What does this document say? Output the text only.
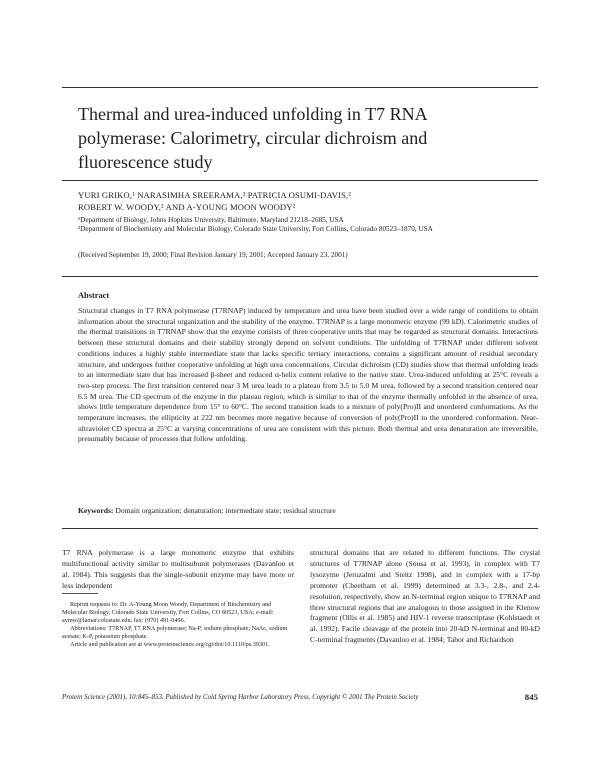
Thermal and urea-induced unfolding in T7 RNA polymerase: Calorimetry, circular dichroism and fluorescence study
YURI GRIKO,¹ NARASIMHA SREERAMA,² PATRICIA OSUMI-DAVIS,²
ROBERT W. WOODY,² AND A-YOUNG MOON WOODY²
¹Department of Biology, Johns Hopkins University, Baltimore, Maryland 21218–2685, USA
²Department of Biochemistry and Molecular Biology, Colorado State University, Fort Collins, Colorado 80523–1870, USA
(Received September 19, 2000; Final Revision January 19, 2001; Accepted January 23, 2001)
Abstract
Structural changes in T7 RNA polymerase (T7RNAP) induced by temperature and urea have been studied over a wide range of conditions to obtain information about the structural organization and the stability of the enzyme. T7RNAP is a large monomeric enzyme (99 kD). Calorimetric studies of the thermal transitions in T7RNAP show that the enzyme consists of three cooperative units that may be regarded as structural domains. Interactions between these structural domains and their stability strongly depend on solvent conditions. The unfolding of T7RNAP under different solvent conditions induces a highly stable intermediate state that lacks specific tertiary interactions, contains a significant amount of residual secondary structure, and undergoes further cooperative unfolding at high urea concentrations. Circular dichroism (CD) studies show that thermal unfolding leads to an intermediate state that has increased β-sheet and reduced α-helix content relative to the native state. Urea-induced unfolding at 25°C reveals a two-step process. The first transition centered near 3 M urea leads to a plateau from 3.5 to 5.0 M urea, followed by a second transition centered near 6.5 M urea. The CD spectrum of the enzyme in the plateau region, which is similar to that of the enzyme thermally unfolded in the absence of urea, shows little temperature dependence from 15° to 60°C. The second transition leads to a mixture of poly(Pro)II and unordered conformations. As the temperature increases, the ellipticity at 222 nm becomes more negative because of conversion of poly(Pro)II to the unordered conformation. Near-ultraviolet CD spectra at 25°C at varying concentrations of urea are consistent with this picture. Both thermal and urea denaturation are irreversible, presumably because of processes that follow unfolding.
Keywords: Domain organization; denaturation; intermediate state; residual structure
T7 RNA polymerase is a large monomeric enzyme that exhibits multifunctional activity similar to multisubunit polymerases (Davanloo et al. 1984). This suggests that the single-subunit enzyme may have more or less independent
structural domains that are related to different functions. The crystal structures of T7RNAP alone (Sousa et al. 1993), in complex with T7 lysozyme (Jeruzalmi and Steitz 1998), and in complex with a 17-bp promoter (Cheetham et al. 1999) determined at 3.3-, 2.8-, and 2.4- resolution, respectively, show an N-terminal region unique to T7RNAP and three structural regions that are analogous to those assigned in the Klenow fragment (Ollis et al. 1985) and HIV-1 reverse transcriptase (Kohlstaedt et al. 1992). Facile cleavage of the protein into 20-kD N-terminal and 80-kD C-terminal fragments (Davanloo et al. 1984; Tabor and Richardson

Reprint requests to: Dr. A-Young Moon Woody, Department of Biochemistry and Molecular Biology, Colorado State University, Fort Collins, CO 80523, USA; e-mail: aymw@lamar.colostate.edu; fax: (970) 491-0496.

Abbreviations: T7RNAP, T7 RNA polymerase; Na-P, sodium phosphate; NaAc, sodium acetate; K-P, potassium phosphate.

Article and publication are at www.proteinscience.org/cgi/doi/10.1110/ps.39301.

Protein Science (2001), 10:845–853. Published by Cold Spring Harbor Laboratory Press. Copyright © 2001 The Protein Society	845
